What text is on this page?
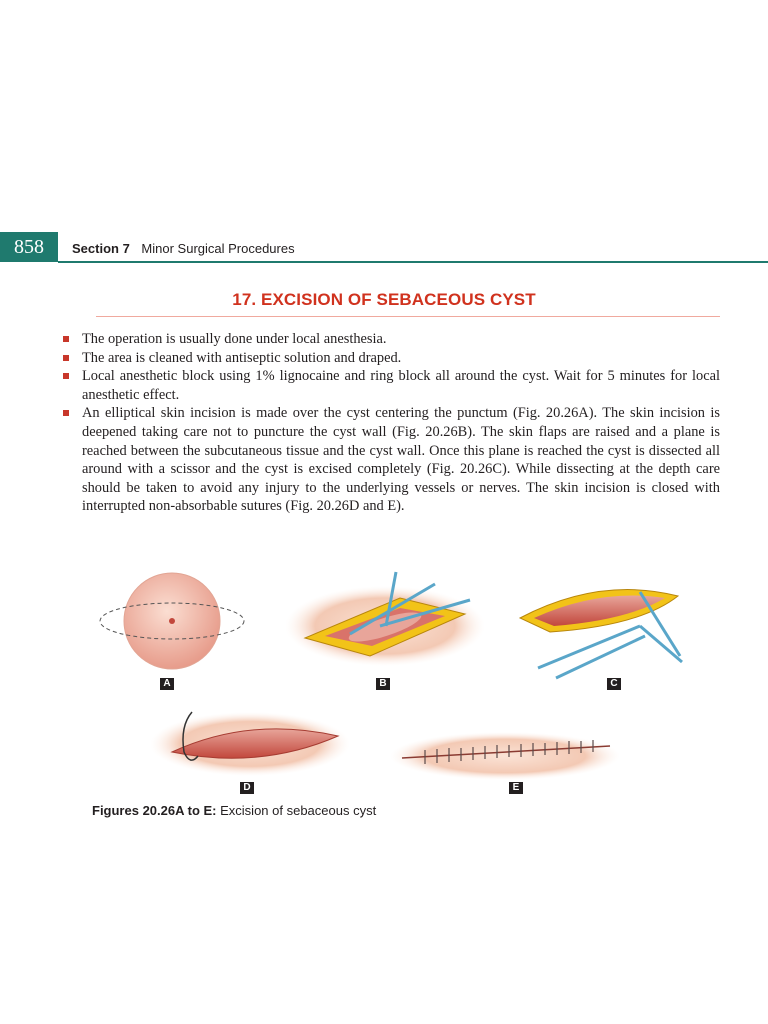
858	Section 7 Minor Surgical Procedures
17. EXCISION OF SEBACEOUS CYST
The operation is usually done under local anesthesia.
The area is cleaned with antiseptic solution and draped.
Local anesthetic block using 1% lignocaine and ring block all around the cyst. Wait for 5 minutes for local anesthetic effect.
An elliptical skin incision is made over the cyst centering the punctum (Fig. 20.26A). The skin incision is deepened taking care not to puncture the cyst wall (Fig. 20.26B). The skin flaps are raised and a plane is reached between the subcutaneous tissue and the cyst wall. Once this plane is reached the cyst is dissected all around with a scissor and the cyst is excised completely (Fig. 20.26C). While dissecting at the depth care should be taken to avoid any injury to the underlying vessels or nerves. The skin incision is closed with interrupted non-absorbable sutures (Fig. 20.26D and E).
A	B	C
D	E
Figures 20.26A to E: Excision of sebaceous cyst
